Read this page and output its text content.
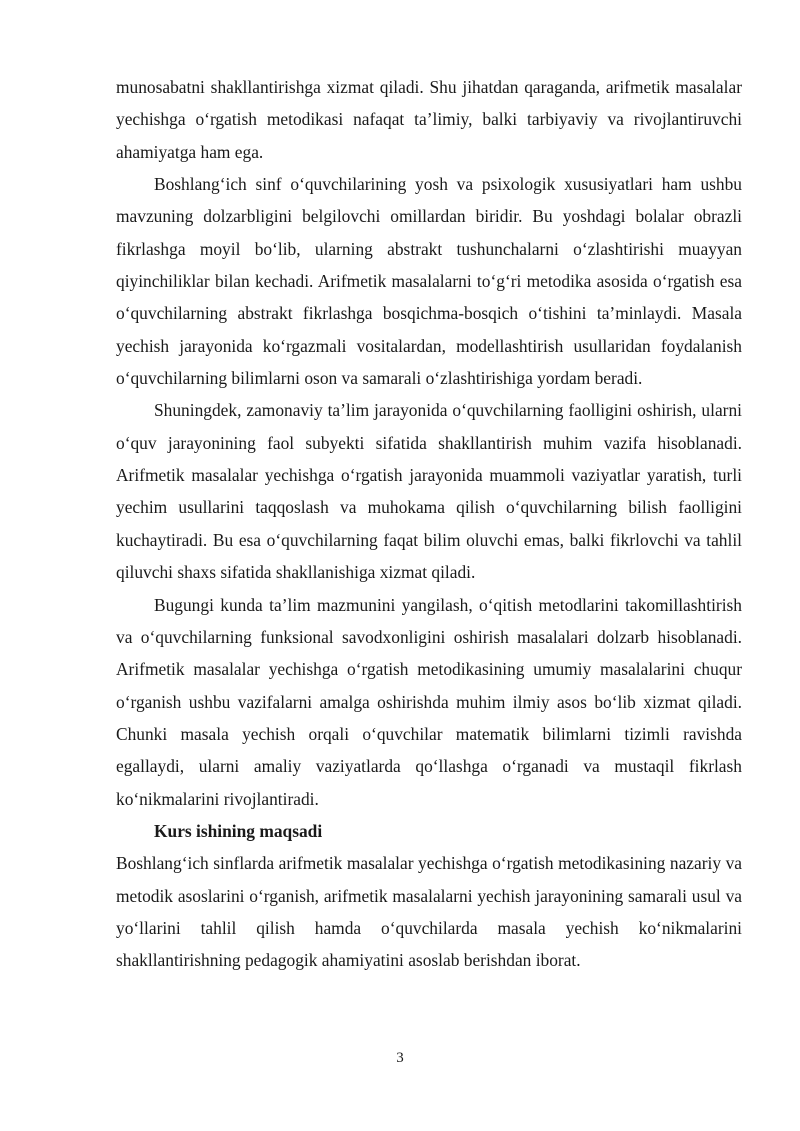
munosabatni shakllantirishga xizmat qiladi. Shu jihatdan qaraganda, arifmetik masalalar yechishga o‘rgatish metodikasi nafaqat ta’limiy, balki tarbiyaviy va rivojlantiruvchi ahamiyatga ham ega.

Boshlang‘ich sinf o‘quvchilarining yosh va psixologik xususiyatlari ham ushbu mavzuning dolzarbligini belgilovchi omillardan biridir. Bu yoshdagi bolalar obrazli fikrlashga moyil bo‘lib, ularning abstrakt tushunchalarni o‘zlashtirishi muayyan qiyinchiliklar bilan kechadi. Arifmetik masalalarni to‘g‘ri metodika asosida o‘rgatish esa o‘quvchilarning abstrakt fikrlashga bosqichma-bosqich o‘tishini ta’minlaydi. Masala yechish jarayonida ko‘rgazmali vositalardan, modellashtirish usullaridan foydalanish o‘quvchilarning bilimlarni oson va samarali o‘zlashtirishiga yordam beradi.

Shuningdek, zamonaviy ta’lim jarayonida o‘quvchilarning faolligini oshirish, ularni o‘quv jarayonining faol subyekti sifatida shakllantirish muhim vazifa hisoblanadi. Arifmetik masalalar yechishga o‘rgatish jarayonida muammoli vaziyatlar yaratish, turli yechim usullarini taqqoslash va muhokama qilish o‘quvchilarning bilish faolligini kuchaytiradi. Bu esa o‘quvchilarning faqat bilim oluvchi emas, balki fikrlovchi va tahlil qiluvchi shaxs sifatida shakllanishiga xizmat qiladi.

Bugungi kunda ta’lim mazmunini yangilash, o‘qitish metodlarini takomillashtirish va o‘quvchilarning funksional savodxonligini oshirish masalalari dolzarb hisoblanadi. Arifmetik masalalar yechishga o‘rgatish metodikasining umumiy masalalarini chuqur o‘rganish ushbu vazifalarni amalga oshirishda muhim ilmiy asos bo‘lib xizmat qiladi. Chunki masala yechish orqali o‘quvchilar matematik bilimlarni tizimli ravishda egallaydi, ularni amaliy vaziyatlarda qo‘llashga o‘rganadi va mustaqil fikrlash ko‘nikmalarini rivojlantiradi.

Kurs ishining maqsadi

Boshlang‘ich sinflarda arifmetik masalalar yechishga o‘rgatish metodikasining nazariy va metodik asoslarini o‘rganish, arifmetik masalalarni yechish jarayonining samarali usul va yo‘llarini tahlil qilish hamda o‘quvchilarda masala yechish ko‘nikmalarini shakllantirishning pedagogik ahamiyatini asoslab berishdan iborat.

3
